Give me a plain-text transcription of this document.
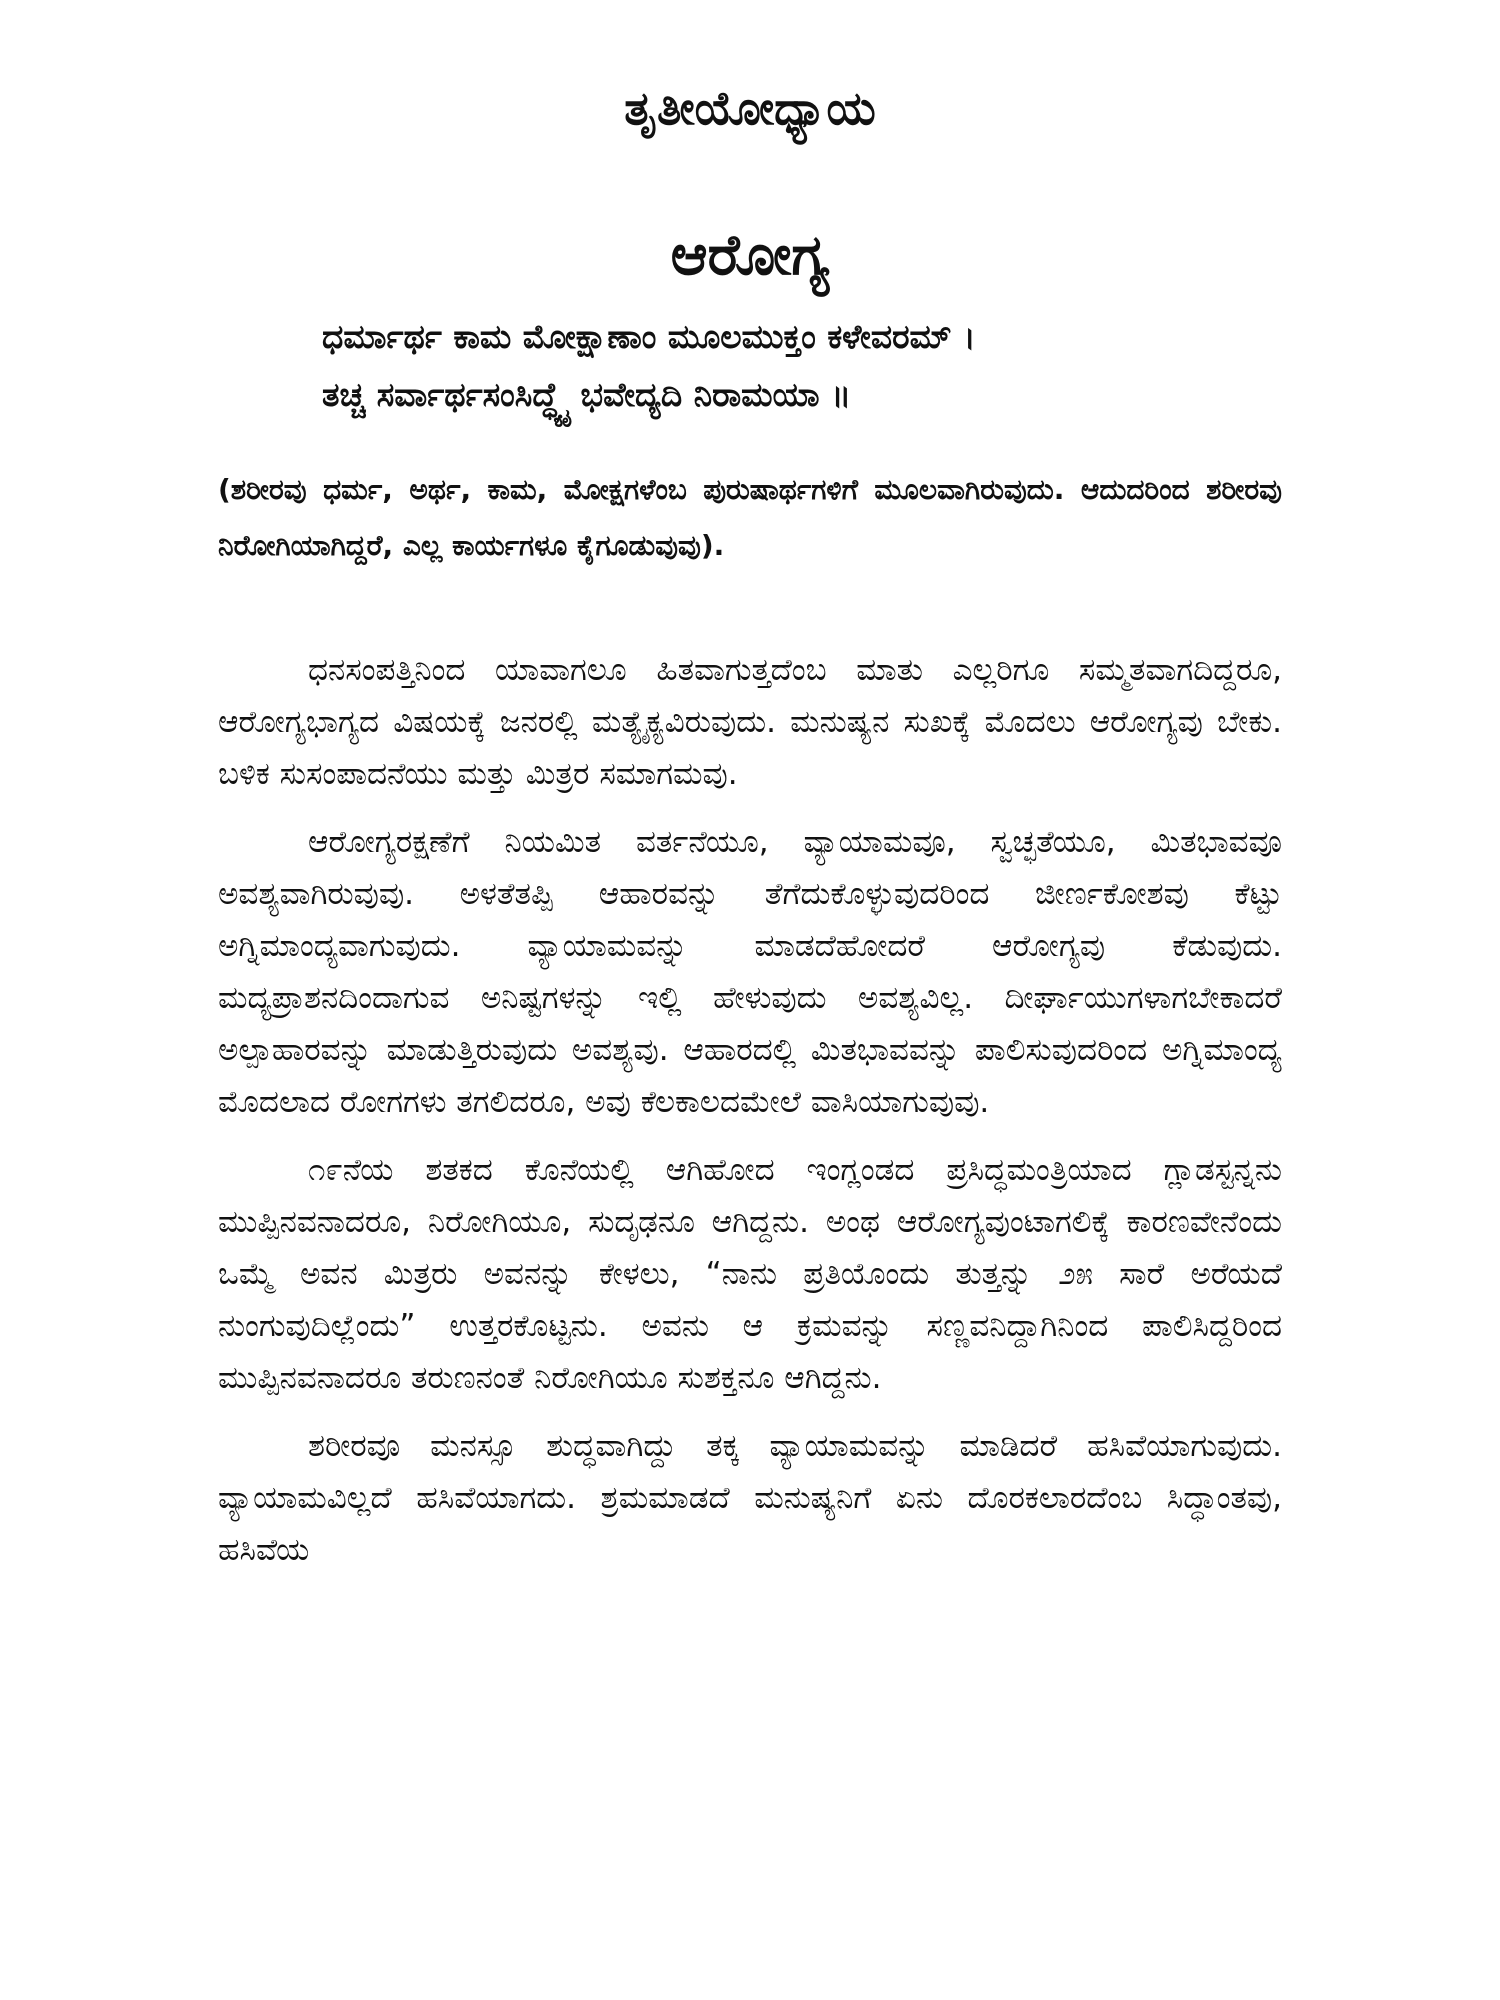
ತೃತೀಯೋಧ್ಯಾಯ
ಆರೋಗ್ಯ
ಧರ್ಮಾರ್ಥ ಕಾಮ ಮೋಕ್ಷಾಣಾಂ ಮೂಲಮುಕ್ತಂ ಕಳೇವರಮ್ ।
ತಚ್ಚ ಸರ್ವಾರ್ಥಸಂಸಿದ್ಧ್ಯೈ ಭವೇದ್ಯದಿ ನಿರಾಮಯಾ ॥
(ಶರೀರವು ಧರ್ಮ, ಅರ್ಥ, ಕಾಮ, ಮೋಕ್ಷಗಳೆಂಬ ಪುರುಷಾರ್ಥಗಳಿಗೆ ಮೂಲವಾಗಿರುವುದು. ಆದುದರಿಂದ ಶರೀರವು ನಿರೋಗಿಯಾಗಿದ್ದರೆ, ಎಲ್ಲ ಕಾರ್ಯಗಳೂ ಕೈಗೂಡುವುವು).

ಧನಸಂಪತ್ತಿನಿಂದ ಯಾವಾಗಲೂ ಹಿತವಾಗುತ್ತದೆಂಬ ಮಾತು ಎಲ್ಲರಿಗೂ ಸಮ್ಮತವಾಗದಿದ್ದರೂ, ಆರೋಗ್ಯಭಾಗ್ಯದ ವಿಷಯಕ್ಕೆ ಜನರಲ್ಲಿ ಮತ್ಯೈಕ್ಯವಿರುವುದು. ಮನುಷ್ಯನ ಸುಖಕ್ಕೆ ಮೊದಲು ಆರೋಗ್ಯವು ಬೇಕು. ಬಳಿಕ ಸುಸಂಪಾದನೆಯು ಮತ್ತು ಮಿತ್ರರ ಸಮಾಗಮವು.

ಆರೋಗ್ಯರಕ್ಷಣೆಗೆ ನಿಯಮಿತ ವರ್ತನೆಯೂ, ವ್ಯಾಯಾಮವೂ, ಸ್ವಚ್ಛತೆಯೂ, ಮಿತಭಾವವೂ ಅವಶ್ಯವಾಗಿರುವುವು. ಅಳತೆತಪ್ಪಿ ಆಹಾರವನ್ನು ತೆಗೆದುಕೊಳ್ಳುವುದರಿಂದ ಜೀರ್ಣಕೋಶವು ಕೆಟ್ಟು ಅಗ್ನಿಮಾಂದ್ಯವಾಗುವುದು. ವ್ಯಾಯಾಮವನ್ನು ಮಾಡದೆಹೋದರೆ ಆರೋಗ್ಯವು ಕೆಡುವುದು. ಮದ್ಯಪ್ರಾಶನದಿಂದಾಗುವ ಅನಿಷ್ಟಗಳನ್ನು ಇಲ್ಲಿ ಹೇಳುವುದು ಅವಶ್ಯವಿಲ್ಲ. ದೀರ್ಘಾಯುಗಳಾಗಬೇಕಾದರೆ ಅಲ್ಪಾಹಾರವನ್ನು ಮಾಡುತ್ತಿರುವುದು ಅವಶ್ಯವು. ಆಹಾರದಲ್ಲಿ ಮಿತಭಾವವನ್ನು ಪಾಲಿಸುವುದರಿಂದ ಅಗ್ನಿಮಾಂದ್ಯ ಮೊದಲಾದ ರೋಗಗಳು ತಗಲಿದರೂ, ಅವು ಕೆಲಕಾಲದಮೇಲೆ ವಾಸಿಯಾಗುವುವು.

೧೯ನೆಯ ಶತಕದ ಕೊನೆಯಲ್ಲಿ ಆಗಿಹೋದ ಇಂಗ್ಲಂಡದ ಪ್ರಸಿದ್ಧಮಂತ್ರಿಯಾದ ಗ್ಲಾಡಸ್ಟನ್ನನು ಮುಪ್ಪಿನವನಾದರೂ, ನಿರೋಗಿಯೂ, ಸುದೃಢನೂ ಆಗಿದ್ದನು. ಅಂಥ ಆರೋಗ್ಯವುಂಟಾಗಲಿಕ್ಕೆ ಕಾರಣವೇನೆಂದು ಒಮ್ಮೆ ಅವನ ಮಿತ್ರರು ಅವನನ್ನು ಕೇಳಲು, “ನಾನು ಪ್ರತಿಯೊಂದು ತುತ್ತನ್ನು ೨೫ ಸಾರೆ ಅರೆಯದೆ ನುಂಗುವುದಿಲ್ಲೆಂದು” ಉತ್ತರಕೊಟ್ಟನು. ಅವನು ಆ ಕ್ರಮವನ್ನು ಸಣ್ಣವನಿದ್ದಾಗಿನಿಂದ ಪಾಲಿಸಿದ್ದರಿಂದ ಮುಪ್ಪಿನವನಾದರೂ ತರುಣನಂತೆ ನಿರೋಗಿಯೂ ಸುಶಕ್ತನೂ ಆಗಿದ್ದನು.

ಶರೀರವೂ ಮನಸ್ಸೂ ಶುದ್ಧವಾಗಿದ್ದು ತಕ್ಕ ವ್ಯಾಯಾಮವನ್ನು ಮಾಡಿದರೆ ಹಸಿವೆಯಾಗುವುದು. ವ್ಯಾಯಾಮವಿಲ್ಲದೆ ಹಸಿವೆಯಾಗದು. ಶ್ರಮಮಾಡದೆ ಮನುಷ್ಯನಿಗೆ ಏನು ದೊರಕಲಾರದೆಂಬ ಸಿದ್ಧಾಂತವು, ಹಸಿವೆಯ
